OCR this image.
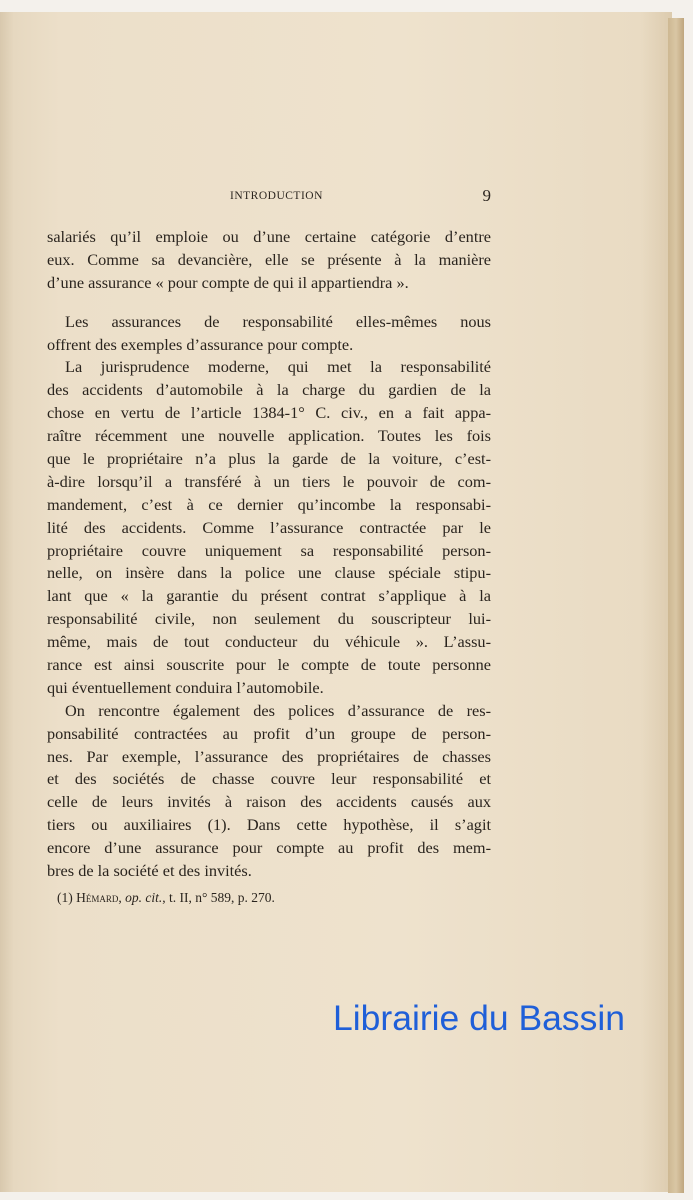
INTRODUCTION	9
salariés qu’il emploie ou d’une certaine catégorie d’entre
eux. Comme sa devancière, elle se présente à la manière
d’une assurance « pour compte de qui il appartiendra ».
Les assurances de responsabilité elles-mêmes nous
offrent des exemples d’assurance pour compte.
La jurisprudence moderne, qui met la responsabilité
des accidents d’automobile à la charge du gardien de la
chose en vertu de l’article 1384-1° C. civ., en a fait appa-
raître récemment une nouvelle application. Toutes les fois
que le propriétaire n’a plus la garde de la voiture, c’est-
à-dire lorsqu’il a transféré à un tiers le pouvoir de com-
mandement, c’est à ce dernier qu’incombe la responsabi-
lité des accidents. Comme l’assurance contractée par le
propriétaire couvre uniquement sa responsabilité person-
nelle, on insère dans la police une clause spéciale stipu-
lant que « la garantie du présent contrat s’applique à la
responsabilité civile, non seulement du souscripteur lui-
même, mais de tout conducteur du véhicule ». L’assu-
rance est ainsi souscrite pour le compte de toute personne
qui éventuellement conduira l’automobile.
On rencontre également des polices d’assurance de res-
ponsabilité contractées au profit d’un groupe de person-
nes. Par exemple, l’assurance des propriétaires de chasses
et des sociétés de chasse couvre leur responsabilité et
celle de leurs invités à raison des accidents causés aux
tiers ou auxiliaires (1). Dans cette hypothèse, il s’agit
encore d’une assurance pour compte au profit des mem-
bres de la société et des invités.
(1) Hémard, op. cit., t. II, n° 589, p. 270.
Librairie du Bassin
